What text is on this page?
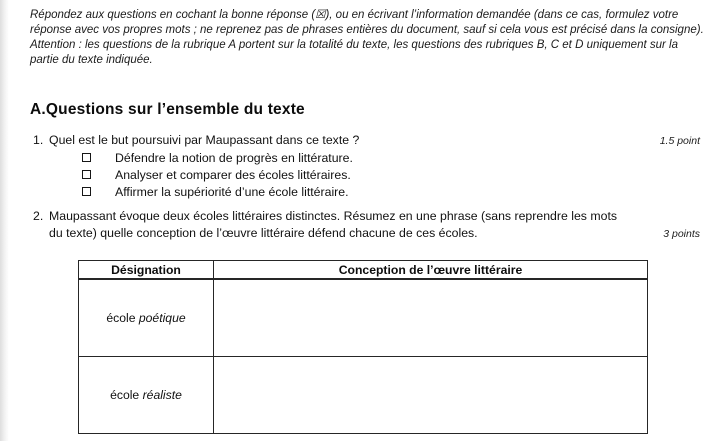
Répondez aux questions en cochant la bonne réponse (☒), ou en écrivant l’information demandée (dans ce cas, formulez votre
réponse avec vos propres mots ; ne reprenez pas de phrases entières du document, sauf si cela vous est précisé dans la consigne).
Attention : les questions de la rubrique A portent sur la totalité du texte, les questions des rubriques B, C et D uniquement sur la
partie du texte indiquée.
A.Questions sur l’ensemble du texte
1. Quel est le but poursuivi par Maupassant dans ce texte ?	1.5 point
Défendre la notion de progrès en littérature.
Analyser et comparer des écoles littéraires.
Affirmer la supériorité d’une école littéraire.
2. Maupassant évoque deux écoles littéraires distinctes. Résumez en une phrase (sans reprendre les mots
du texte) quelle conception de l’œuvre littéraire défend chacune de ces écoles.	3 points
Désignation	Conception de l’œuvre littéraire
école poétique	
école réaliste	
